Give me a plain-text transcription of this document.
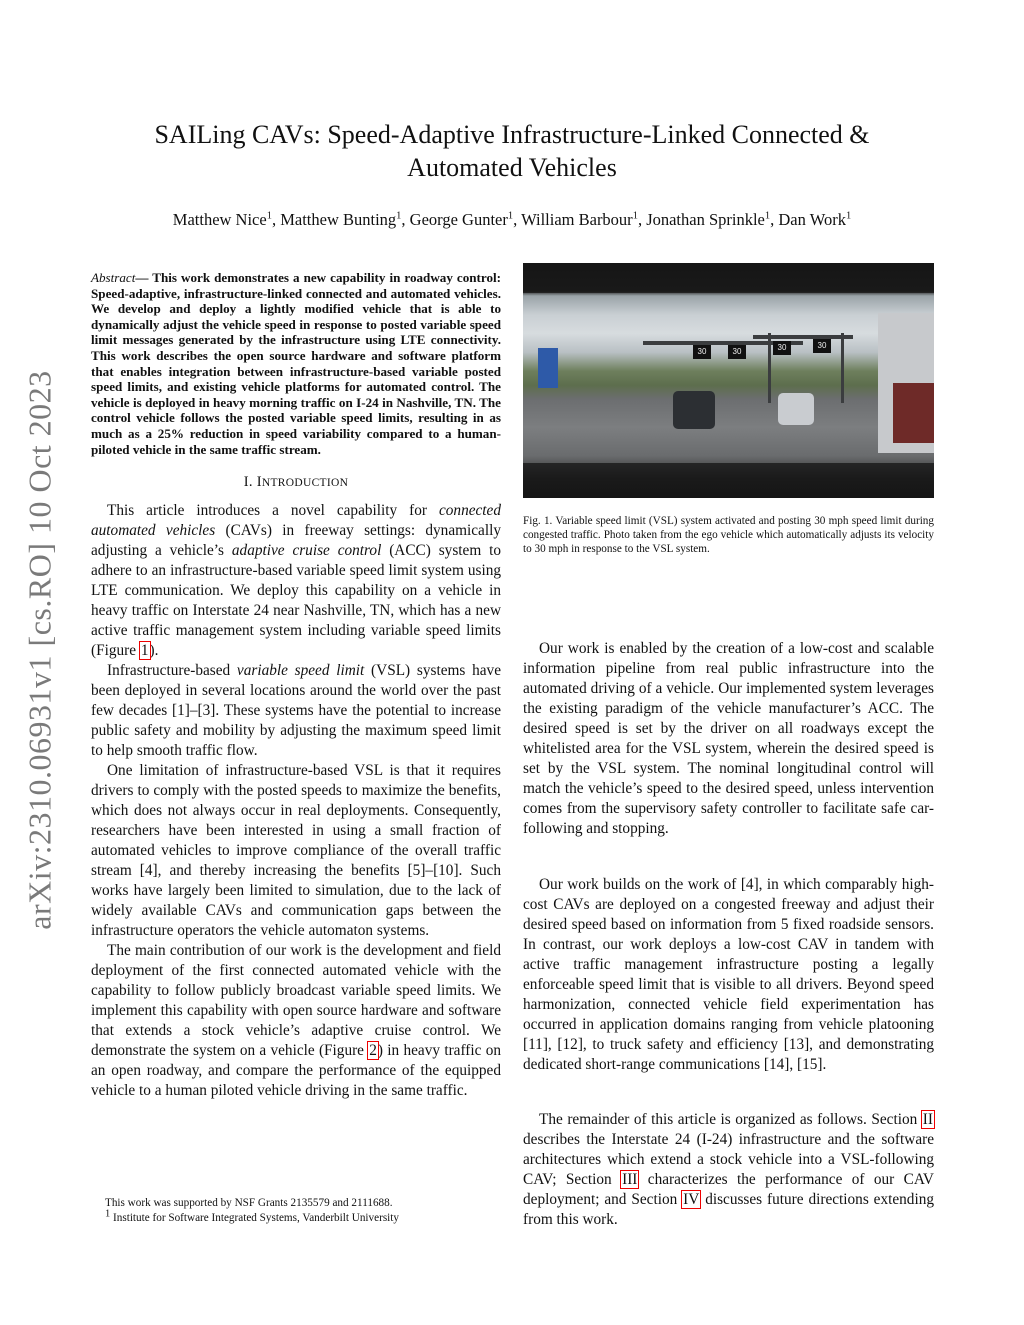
arXiv:2310.06931v1 [cs.RO] 10 Oct 2023
SAILing CAVs: Speed-Adaptive Infrastructure-Linked Connected &
Automated Vehicles
Matthew Nice$^1$, Matthew Bunting$^1$, George Gunter$^1$, William Barbour$^1$, Jonathan Sprinkle$^1$, Dan Work$^1$
Abstract— This work demonstrates a new capability in roadway control: Speed-adaptive, infrastructure-linked connected and automated vehicles. We develop and deploy a lightly modified vehicle that is able to dynamically adjust the vehicle speed in response to posted variable speed limit messages generated by the infrastructure using LTE connectivity. This work describes the open source hardware and software platform that enables integration between infrastructure-based variable posted speed limits, and existing vehicle platforms for automated control. The vehicle is deployed in heavy morning traffic on I-24 in Nashville, TN. The control vehicle follows the posted variable speed limits, resulting in as much as a 25% reduction in speed variability compared to a human-piloted vehicle in the same traffic stream.
I. INTRODUCTION

This article introduces a novel capability for connected automated vehicles (CAVs) in freeway settings: dynamically adjusting a vehicle’s adaptive cruise control (ACC) system to adhere to an infrastructure-based variable speed limit system using LTE communication. We deploy this capability on a vehicle in heavy traffic on Interstate 24 near Nashville, TN, which has a new active traffic management system including variable speed limits (Figure 1).

Infrastructure-based variable speed limit (VSL) systems have been deployed in several locations around the world over the past few decades [1]–[3]. These systems have the potential to increase public safety and mobility by adjusting the maximum speed limit to help smooth traffic flow.

One limitation of infrastructure-based VSL is that it requires drivers to comply with the posted speeds to maximize the benefits, which does not always occur in real deployments. Consequently, researchers have been interested in using a small fraction of automated vehicles to improve compliance of the overall traffic stream [4], and thereby increasing the benefits [5]–[10]. Such works have largely been limited to simulation, due to the lack of widely available CAVs and communication gaps between the infrastructure operators the vehicle automaton systems.

The main contribution of our work is the development and field deployment of the first connected automated vehicle with the capability to follow publicly broadcast variable speed limits. We implement this capability with open source hardware and software that extends a stock vehicle’s adaptive cruise control. We demonstrate the system on a vehicle (Figure 2) in heavy traffic on an open roadway, and compare the performance of the equipped vehicle to a human piloted vehicle driving in the same traffic.

This work was supported by NSF Grants 2135579 and 2111688.
$^1$ Institute for Software Integrated Systems, Vanderbilt University
30	30	30	30
Fig. 1. Variable speed limit (VSL) system activated and posting 30 mph speed limit during congested traffic. Photo taken from the ego vehicle which automatically adjusts its velocity to 30 mph in response to the VSL system.

Our work is enabled by the creation of a low-cost and scalable information pipeline from real public infrastructure into the automated driving of a vehicle. Our implemented system leverages the existing paradigm of the vehicle manufacturer’s ACC. The desired speed is set by the driver on all roadways except the whitelisted area for the VSL system, wherein the desired speed is set by the VSL system. The nominal longitudinal control will match the vehicle’s speed to the desired speed, unless intervention comes from the supervisory safety controller to facilitate safe car-following and stopping.

Our work builds on the work of [4], in which comparably high-cost CAVs are deployed on a congested freeway and adjust their desired speed based on information from 5 fixed roadside sensors. In contrast, our work deploys a low-cost CAV in tandem with active traffic management infrastructure posting a legally enforceable speed limit that is visible to all drivers. Beyond speed harmonization, connected vehicle field experimentation has occurred in application domains ranging from vehicle platooning [11], [12], to truck safety and efficiency [13], and demonstrating dedicated short-range communications [14], [15].

The remainder of this article is organized as follows. Section II describes the Interstate 24 (I-24) infrastructure and the software architectures which extend a stock vehicle into a VSL-following CAV; Section III characterizes the performance of our CAV deployment; and Section IV discusses future directions extending from this work.
